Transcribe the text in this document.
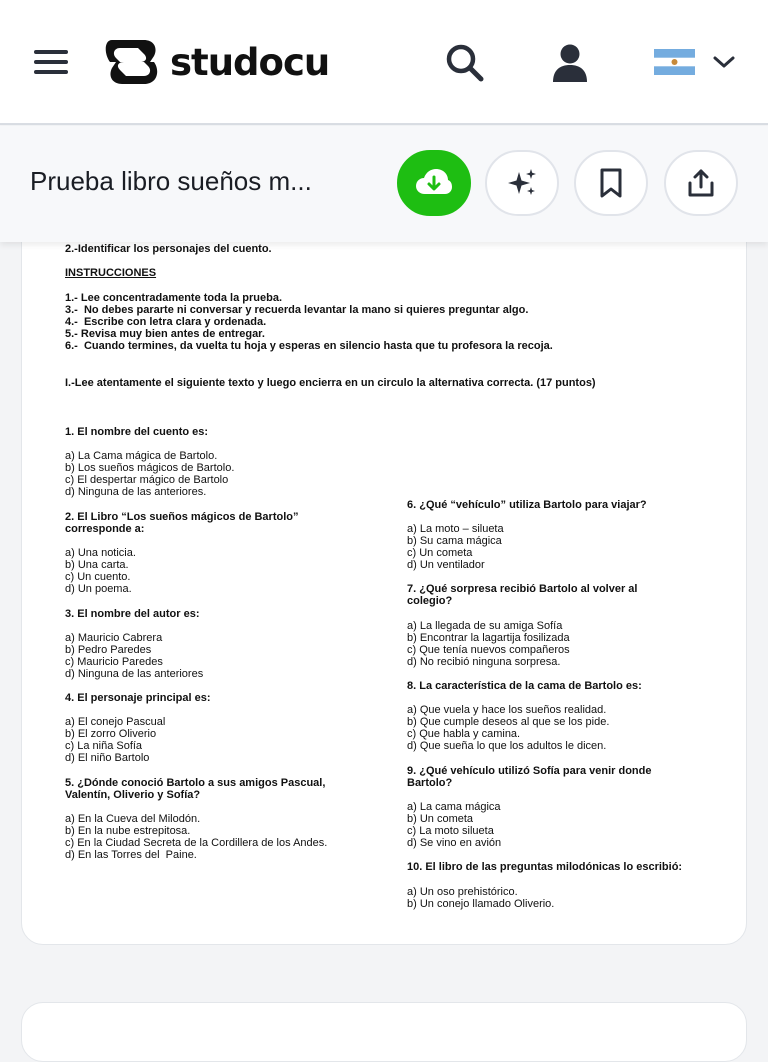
studocu
Prueba libro sueños m...
2.-Identificar los personajes del cuento.
INSTRUCCIONES
1.- Lee concentradamente toda la prueba.
3.-  No debes pararte ni conversar y recuerda levantar la mano si quieres preguntar algo.
4.-  Escribe con letra clara y ordenada.
5.- Revisa muy bien antes de entregar.
6.-  Cuando termines, da vuelta tu hoja y esperas en silencio hasta que tu profesora la recoja.
I.-Lee atentamente el siguiente texto y luego encierra en un circulo la alternativa correcta. (17 puntos)
1. El nombre del cuento es:
a) La Cama mágica de Bartolo.
b) Los sueños mágicos de Bartolo.
c) El despertar mágico de Bartolo
d) Ninguna de las anteriores.
2. El Libro “Los sueños mágicos de Bartolo”
corresponde a:
a) Una noticia.
b) Una carta.
c) Un cuento.
d) Un poema.
3. El nombre del autor es:
a) Mauricio Cabrera
b) Pedro Paredes
c) Mauricio Paredes
d) Ninguna de las anteriores
4. El personaje principal es:
a) El conejo Pascual
b) El zorro Oliverio
c) La niña Sofía
d) El niño Bartolo
5. ¿Dónde conoció Bartolo a sus amigos Pascual,
Valentín, Oliverio y Sofía?
a) En la Cueva del Milodón.
b) En la nube estrepitosa.
c) En la Ciudad Secreta de la Cordillera de los Andes.
d) En las Torres del  Paine.
6. ¿Qué “vehículo” utiliza Bartolo para viajar?
a) La moto – silueta
b) Su cama mágica
c) Un cometa
d) Un ventilador
7. ¿Qué sorpresa recibió Bartolo al volver al
colegio?
a) La llegada de su amiga Sofía
b) Encontrar la lagartija fosilizada
c) Que tenía nuevos compañeros
d) No recibió ninguna sorpresa.
8. La característica de la cama de Bartolo es:
a) Que vuela y hace los sueños realidad.
b) Que cumple deseos al que se los pide.
c) Que habla y camina.
d) Que sueña lo que los adultos le dicen.
9. ¿Qué vehículo utilizó Sofía para venir donde
Bartolo?
a) La cama mágica
b) Un cometa
c) La moto silueta
d) Se vino en avión
10. El libro de las preguntas milodónicas lo escribió:
a) Un oso prehistórico.
b) Un conejo llamado Oliverio.
